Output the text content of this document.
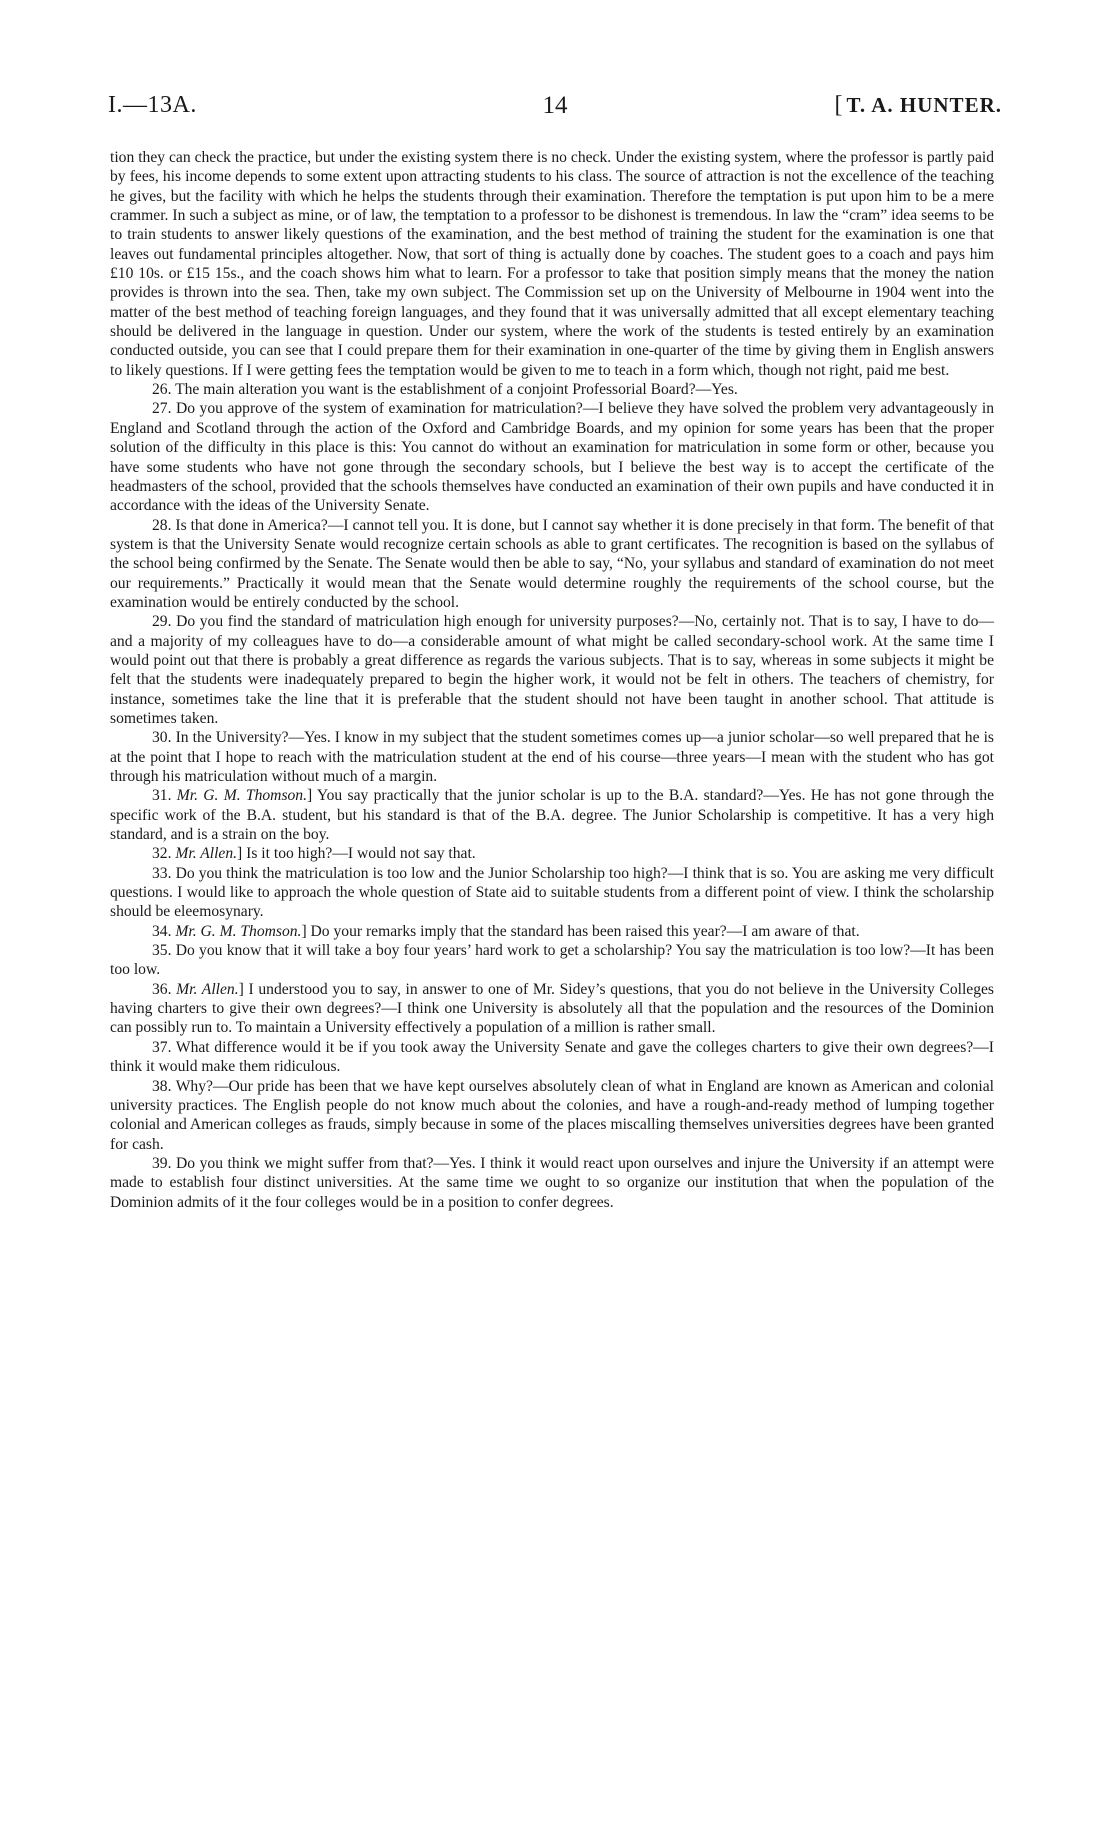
I.—13A.	14
[	T. A. HUNTER.

tion they can check the practice, but under the existing system there is no check. Under the existing system, where the professor is partly paid by fees, his income depends to some extent upon attracting students to his class. The source of attraction is not the excellence of the teaching he gives, but the facility with which he helps the students through their examination. Therefore the temptation is put upon him to be a mere crammer. In such a subject as mine, or of law, the temptation to a professor to be dishonest is tremendous. In law the “cram” idea seems to be to train students to answer likely questions of the examination, and the best method of training the student for the examination is one that leaves out fundamental principles altogether. Now, that sort of thing is actually done by coaches. The student goes to a coach and pays him £10 10s. or £15 15s., and the coach shows him what to learn. For a professor to take that position simply means that the money the nation provides is thrown into the sea. Then, take my own subject. The Commission set up on the University of Melbourne in 1904 went into the matter of the best method of teaching foreign languages, and they found that it was universally admitted that all except elementary teaching should be delivered in the language in question. Under our system, where the work of the students is tested entirely by an examination conducted outside, you can see that I could prepare them for their examination in one-quarter of the time by giving them in English answers to likely questions. If I were getting fees the temptation would be given to me to teach in a form which, though not right, paid me best.

26. The main alteration you want is the establishment of a conjoint Professorial Board?—Yes.

27. Do you approve of the system of examination for matriculation?—I believe they have solved the problem very advantageously in England and Scotland through the action of the Oxford and Cambridge Boards, and my opinion for some years has been that the proper solution of the difficulty in this place is this: You cannot do without an examination for matriculation in some form or other, because you have some students who have not gone through the secondary schools, but I believe the best way is to accept the certificate of the headmasters of the school, provided that the schools themselves have conducted an examination of their own pupils and have conducted it in accordance with the ideas of the University Senate.

28. Is that done in America?—I cannot tell you. It is done, but I cannot say whether it is done precisely in that form. The benefit of that system is that the University Senate would recognize certain schools as able to grant certificates. The recognition is based on the syllabus of the school being confirmed by the Senate. The Senate would then be able to say, “No, your syllabus and standard of examination do not meet our requirements.” Practically it would mean that the Senate would determine roughly the requirements of the school course, but the examination would be entirely conducted by the school.

29. Do you find the standard of matriculation high enough for university purposes?—No, certainly not. That is to say, I have to do—and a majority of my colleagues have to do—a considerable amount of what might be called secondary-school work. At the same time I would point out that there is probably a great difference as regards the various subjects. That is to say, whereas in some subjects it might be felt that the students were inadequately prepared to begin the higher work, it would not be felt in others. The teachers of chemistry, for instance, sometimes take the line that it is preferable that the student should not have been taught in another school. That attitude is sometimes taken.

30. In the University?—Yes. I know in my subject that the student sometimes comes up—a junior scholar—so well prepared that he is at the point that I hope to reach with the matriculation student at the end of his course—three years—I mean with the student who has got through his matriculation without much of a margin.

31. Mr. G. M. Thomson.] You say practically that the junior scholar is up to the B.A. standard?—Yes. He has not gone through the specific work of the B.A. student, but his standard is that of the B.A. degree. The Junior Scholarship is competitive. It has a very high standard, and is a strain on the boy.

32. Mr. Allen.] Is it too high?—I would not say that.

33. Do you think the matriculation is too low and the Junior Scholarship too high?—I think that is so. You are asking me very difficult questions. I would like to approach the whole question of State aid to suitable students from a different point of view. I think the scholarship should be eleemosynary.

34. Mr. G. M. Thomson.] Do your remarks imply that the standard has been raised this year?—I am aware of that.

35. Do you know that it will take a boy four years’ hard work to get a scholarship? You say the matriculation is too low?—It has been too low.

36. Mr. Allen.] I understood you to say, in answer to one of Mr. Sidey’s questions, that you do not believe in the University Colleges having charters to give their own degrees?—I think one University is absolutely all that the population and the resources of the Dominion can possibly run to. To maintain a University effectively a population of a million is rather small.

37. What difference would it be if you took away the University Senate and gave the colleges charters to give their own degrees?—I think it would make them ridiculous.

38. Why?—Our pride has been that we have kept ourselves absolutely clean of what in England are known as American and colonial university practices. The English people do not know much about the colonies, and have a rough-and-ready method of lumping together colonial and American colleges as frauds, simply because in some of the places miscalling themselves universities degrees have been granted for cash.

39. Do you think we might suffer from that?—Yes. I think it would react upon ourselves and injure the University if an attempt were made to establish four distinct universities. At the same time we ought to so organize our institution that when the population of the Dominion admits of it the four colleges would be in a position to confer degrees.
